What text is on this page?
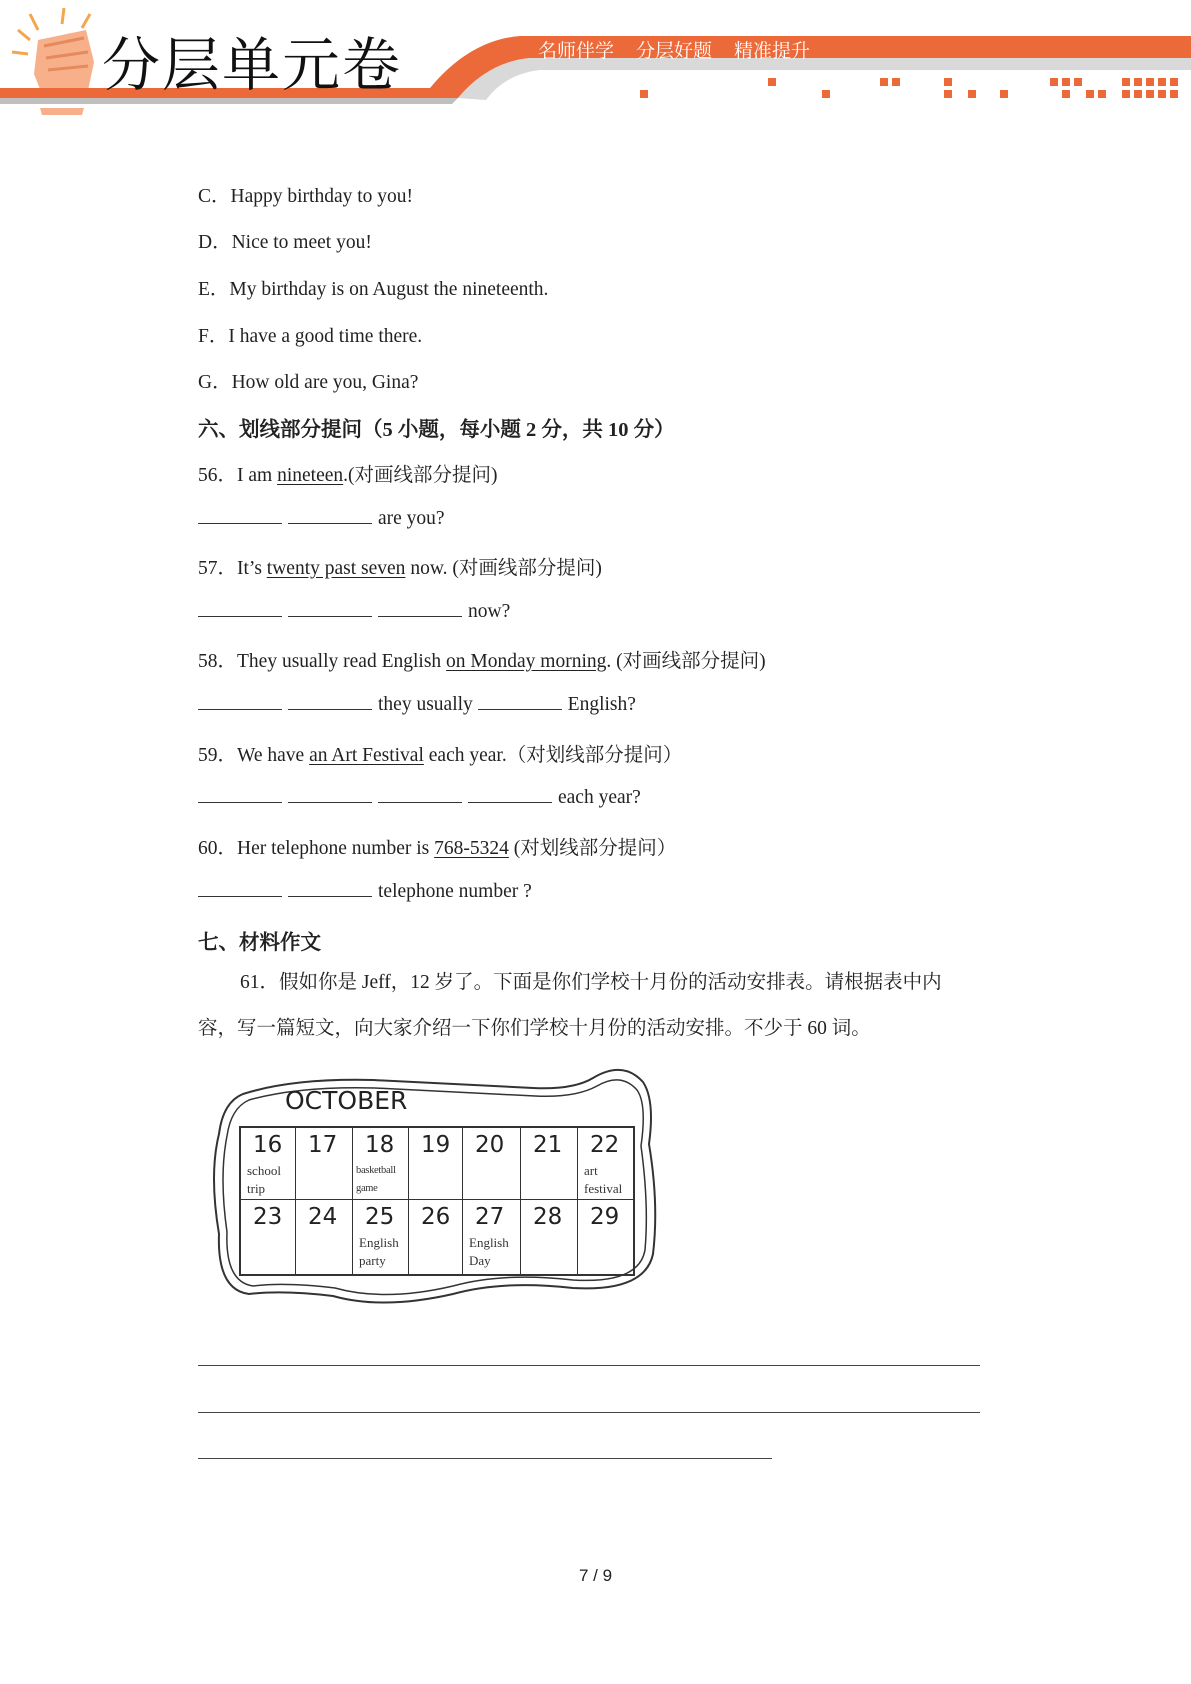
分层单元卷	名师伴学 分层好题 精准提升
C．Happy birthday to you!
D．Nice to meet you!
E．My birthday is on August the nineteenth.
F．I have a good time there.
G．How old are you, Gina?
六、划线部分提问（5 小题，每小题 2 分，共 10 分）
56．I am nineteen.(对画线部分提问)
are you?
57．It’s twenty past seven now. (对画线部分提问)
now?
58．They usually read English on Monday morning. (对画线部分提问)
they usually	English?
59．We have an Art Festival each year.（对划线部分提问）
each year?
60．Her telephone number is 768-5324 (对划线部分提问）
telephone number ?
七、材料作文
61．假如你是 Jeff，12 岁了。下面是你们学校十月份的活动安排表。请根据表中内
容，写一篇短文，向大家介绍一下你们学校十月份的活动安排。不少于 60 词。
OCTOBER
16
school trip
17 18
basketball game
19 20 21 22
art festival
23 24 25
English party
26 27
English Day
28 29
7 / 9
